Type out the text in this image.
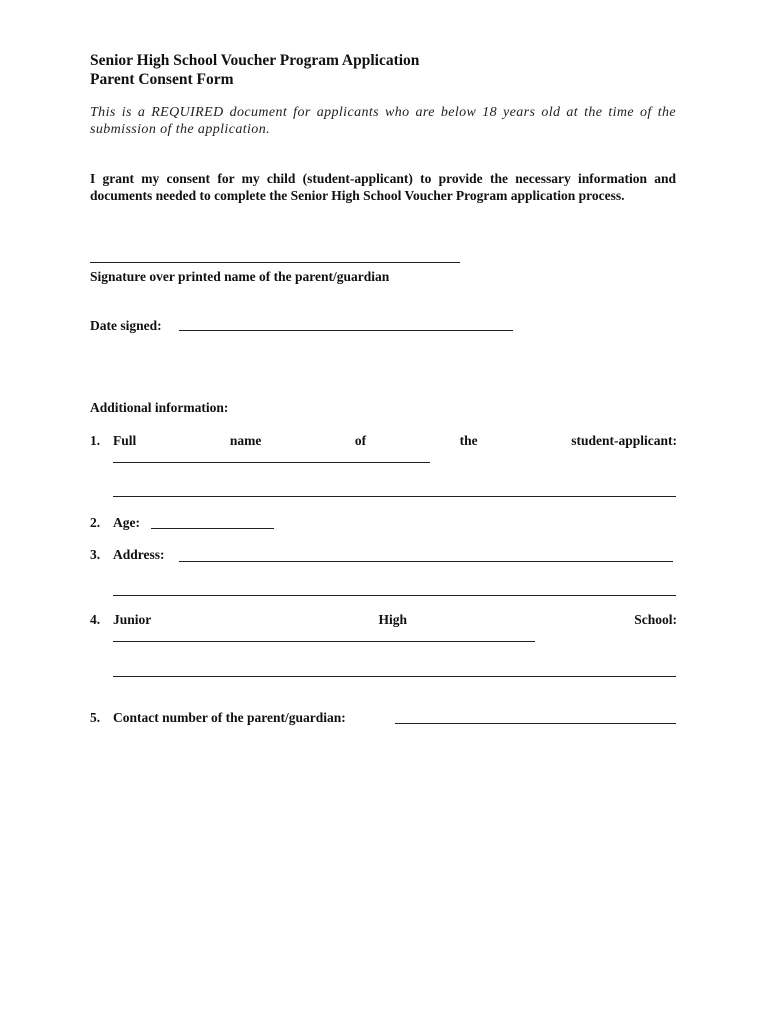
Senior High School Voucher Program Application
Parent Consent Form
This is a REQUIRED document for applicants who are below 18 years old at the time of the submission of the application.
I grant my consent for my child (student-applicant) to provide the necessary information and documents needed to complete the Senior High School Voucher Program application process.
Signature over printed name of the parent/guardian
Date signed:
Additional information:
1. Full	name	of	the	student-applicant:
2. Age:
3. Address:
4. Junior	High	School:
5. Contact number of the parent/guardian:
